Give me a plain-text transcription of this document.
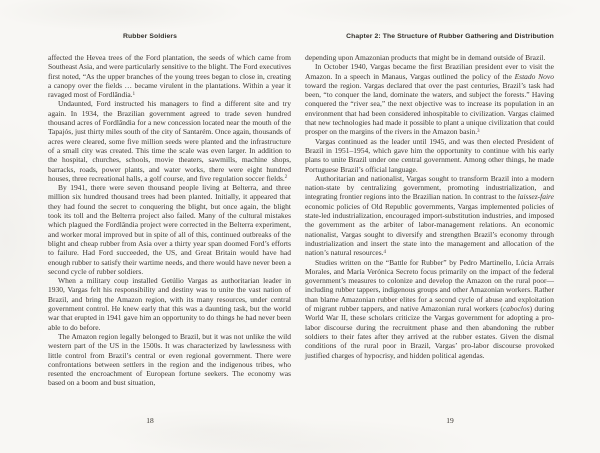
Rubber Soldiers	Chapter 2: The Structure of Rubber Gathering and Distribution

affected the Hevea trees of the Ford plantation, the seeds of which came from Southeast Asia, and were particularly sensitive to the blight. The Ford executives first noted, “As the upper branches of the young trees began to close in, creating a canopy over the fields … became virulent in the plantations. Within a year it ravaged most of Fordlândia.$^1$

Undaunted, Ford instructed his managers to find a different site and try again. In 1934, the Brazilian government agreed to trade seven hundred thousand acres of Fordlândia for a new concession located near the mouth of the Tapajós, just thirty miles south of the city of Santarém. Once again, thousands of acres were cleared, some five million seeds were planted and the infrastructure of a small city was created. This time the scale was even larger. In addition to the hospital, churches, schools, movie theaters, sawmills, machine shops, barracks, roads, power plants, and water works, there were eight hundred houses, three recreational halls, a golf course, and five regulation soccer fields.$^2$

By 1941, there were seven thousand people living at Belterra, and three million six hundred thousand trees had been planted. Initially, it appeared that they had found the secret to conquering the blight, but once again, the blight took its toll and the Belterra project also failed. Many of the cultural mistakes which plagued the Fordlândia project were corrected in the Belterra experiment, and worker moral improved but in spite of all of this, continued outbreaks of the blight and cheap rubber from Asia over a thirty year span doomed Ford’s efforts to failure. Had Ford succeeded, the US, and Great Britain would have had enough rubber to satisfy their wartime needs, and there would have never been a second cycle of rubber soldiers.

When a military coup installed Getúlio Vargas as authoritarian leader in 1930, Vargas felt his responsibility and destiny was to unite the vast nation of Brazil, and bring the Amazon region, with its many resources, under central government control. He knew early that this was a daunting task, but the world war that erupted in 1941 gave him an opportunity to do things he had never been able to do before.

The Amazon region legally belonged to Brazil, but it was not unlike the wild western part of the US in the 1500s. It was characterized by lawlessness with little control from Brazil’s central or even regional government. There were confrontations between settlers in the region and the indigenous tribes, who resented the encroachment of European fortune seekers. The economy was based on a boom and bust situation,

depending upon Amazonian products that might be in demand outside of Brazil.

In October 1940, Vargas became the first Brazilian president ever to visit the Amazon. In a speech in Manaus, Vargas outlined the policy of the Estado Novo toward the region. Vargas declared that over the past centuries, Brazil’s task had been, “to conquer the land, dominate the waters, and subject the forests.” Having conquered the “river sea,” the next objective was to increase its population in an environment that had been considered inhospitable to civilization. Vargas claimed that new technologies had made it possible to plant a unique civilization that could prosper on the margins of the rivers in the Amazon basin.$^3$

Vargas continued as the leader until 1945, and was then elected President of Brazil in 1951–1954, which gave him the opportunity to continue with his early plans to unite Brazil under one central government. Among other things, he made Portuguese Brazil’s official language.

Authoritarian and nationalist, Vargas sought to transform Brazil into a modern nation-state by centralizing government, promoting industrialization, and integrating frontier regions into the Brazilian nation. In contrast to the laissez-faire economic policies of Old Republic governments, Vargas implemented policies of state-led industrialization, encouraged import-substitution industries, and imposed the government as the arbiter of labor-management relations. An economic nationalist, Vargas sought to diversify and strengthen Brazil’s economy through industrialization and insert the state into the management and allocation of the nation’s natural resources.$^4$

Studies written on the “Battle for Rubber” by Pedro Martinello, Lúcia Arraís Morales, and María Verónica Secreto focus primarily on the impact of the federal government’s measures to colonize and develop the Amazon on the rural poor—including rubber tappers, indigenous groups and other Amazonian workers. Rather than blame Amazonian rubber elites for a second cycle of abuse and exploitation of migrant rubber tappers, and native Amazonian rural workers (caboclos) during World War II, these scholars criticize the Vargas government for adopting a pro-labor discourse during the recruitment phase and then abandoning the rubber soldiers to their fates after they arrived at the rubber estates. Given the dismal conditions of the rural poor in Brazil, Vargas’ pro-labor discourse provoked justified charges of hypocrisy, and hidden political agendas.

18	19
